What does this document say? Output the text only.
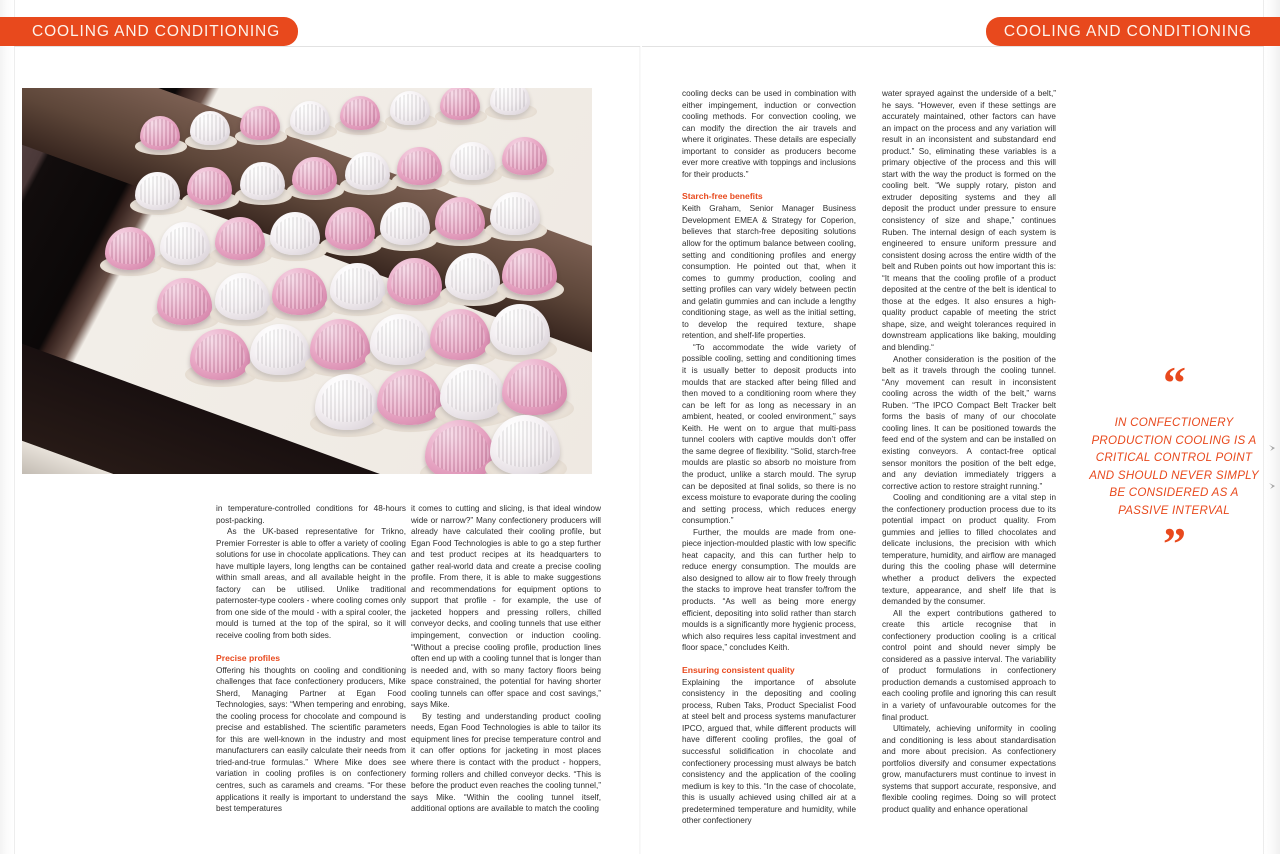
COOLING AND CONDITIONING	COOLING AND CONDITIONING

in temperature-controlled conditions for 48-hours post-packing.

As the UK-based representative for Trikno, Premier Forrester is able to offer a variety of cooling solutions for use in chocolate applications. They can have multiple layers, long lengths can be contained within small areas, and all available height in the factory can be utilised. Unlike traditional paternoster-type coolers - where cooling comes only from one side of the mould - with a spiral cooler, the mould is turned at the top of the spiral, so it will receive cooling from both sides.

Precise profiles

Offering his thoughts on cooling and conditioning challenges that face confectionery producers, Mike Sherd, Managing Partner at Egan Food Technologies, says: “When tempering and enrobing, the cooling process for chocolate and compound is precise and established. The scientific parameters for this are well-known in the industry and most manufacturers can easily calculate their needs from tried-and-true formulas.” Where Mike does see variation in cooling profiles is on confectionery centres, such as caramels and creams. “For these applications it really is important to understand the best temperatures

it comes to cutting and slicing, is that ideal window wide or narrow?” Many confectionery producers will already have calculated their cooling profile, but Egan Food Technologies is able to go a step further and test product recipes at its headquarters to gather real-world data and create a precise cooling profile. From there, it is able to make suggestions and recommendations for equipment options to support that profile - for example, the use of jacketed hoppers and pressing rollers, chilled conveyor decks, and cooling tunnels that use either impingement, convection or induction cooling. “Without a precise cooling profile, production lines often end up with a cooling tunnel that is longer than is needed and, with so many factory floors being space constrained, the potential for having shorter cooling tunnels can offer space and cost savings,” says Mike.

By testing and understanding product cooling needs, Egan Food Technologies is able to tailor its equipment lines for precise temperature control and it can offer options for jacketing in most places where there is contact with the product - hoppers, forming rollers and chilled conveyor decks. “This is before the product even reaches the cooling tunnel,” says Mike. “Within the cooling tunnel itself, additional options are available to match the cooling

cooling decks can be used in combination with either impingement, induction or convection cooling methods. For convection cooling, we can modify the direction the air travels and where it originates. These details are especially important to consider as producers become ever more creative with toppings and inclusions for their products.”

Starch-free benefits

Keith Graham, Senior Manager Business Development EMEA & Strategy for Coperion, believes that starch-free depositing solutions allow for the optimum balance between cooling, setting and conditioning profiles and energy consumption. He pointed out that, when it comes to gummy production, cooling and setting profiles can vary widely between pectin and gelatin gummies and can include a lengthy conditioning stage, as well as the initial setting, to develop the required texture, shape retention, and shelf-life properties.

“To accommodate the wide variety of possible cooling, setting and conditioning times it is usually better to deposit products into moulds that are stacked after being filled and then moved to a conditioning room where they can be left for as long as necessary in an ambient, heated, or cooled environment,” says Keith. He went on to argue that multi-pass tunnel coolers with captive moulds don’t offer the same degree of flexibility. “Solid, starch-free moulds are plastic so absorb no moisture from the product, unlike a starch mould. The syrup can be deposited at final solids, so there is no excess moisture to evaporate during the cooling and setting process, which reduces energy consumption.”

Further, the moulds are made from one-piece injection-moulded plastic with low specific heat capacity, and this can further help to reduce energy consumption. The moulds are also designed to allow air to flow freely through the stacks to improve heat transfer to/from the products. “As well as being more energy efficient, depositing into solid rather than starch moulds is a significantly more hygienic process, which also requires less capital investment and floor space,” concludes Keith.

Ensuring consistent quality

Explaining the importance of absolute consistency in the depositing and cooling process, Ruben Taks, Product Specialist Food at steel belt and process systems manufacturer IPCO, argued that, while different products will have different cooling profiles, the goal of successful solidification in chocolate and confectionery processing must always be batch consistency and the application of the cooling medium is key to this. “In the case of chocolate, this is usually achieved using chilled air at a predetermined temperature and humidity, while other confectionery

water sprayed against the underside of a belt,” he says. “However, even if these settings are accurately maintained, other factors can have an impact on the process and any variation will result in an inconsistent and substandard end product.” So, eliminating these variables is a primary objective of the process and this will start with the way the product is formed on the cooling belt. “We supply rotary, piston and extruder depositing systems and they all deposit the product under pressure to ensure consistency of size and shape,” continues Ruben. The internal design of each system is engineered to ensure uniform pressure and consistent dosing across the entire width of the belt and Ruben points out how important this is: “It means that the cooling profile of a product deposited at the centre of the belt is identical to those at the edges. It also ensures a high-quality product capable of meeting the strict shape, size, and weight tolerances required in downstream applications like baking, moulding and blending.“

Another consideration is the position of the belt as it travels through the cooling tunnel. “Any movement can result in inconsistent cooling across the width of the belt,” warns Ruben. “The IPCO Compact Belt Tracker belt forms the basis of many of our chocolate cooling lines. It can be positioned towards the feed end of the system and can be installed on existing conveyors. A contact-free optical sensor monitors the position of the belt edge, and any deviation immediately triggers a corrective action to restore straight running.”

Cooling and conditioning are a vital step in the confectionery production process due to its potential impact on product quality. From gummies and jellies to filled chocolates and delicate inclusions, the precision with which temperature, humidity, and airflow are managed during this the cooling phase will determine whether a product delivers the expected texture, appearance, and shelf life that is demanded by the consumer.

All the expert contributions gathered to create this article recognise that in confectionery production cooling is a critical control point and should never simply be considered as a passive interval. The variability of product formulations in confectionery production demands a customised approach to each cooling profile and ignoring this can result in a variety of unfavourable outcomes for the final product.

Ultimately, achieving uniformity in cooling and conditioning is less about standardisation and more about precision. As confectionery portfolios diversify and consumer expectations grow, manufacturers must continue to invest in systems that support accurate, responsive, and flexible cooling regimes. Doing so will protect product quality and enhance operational

“
IN CONFECTIONERY PRODUCTION COOLING IS A CRITICAL CONTROL POINT AND SHOULD NEVER SIMPLY BE CONSIDERED AS A PASSIVE INTERVAL
”
